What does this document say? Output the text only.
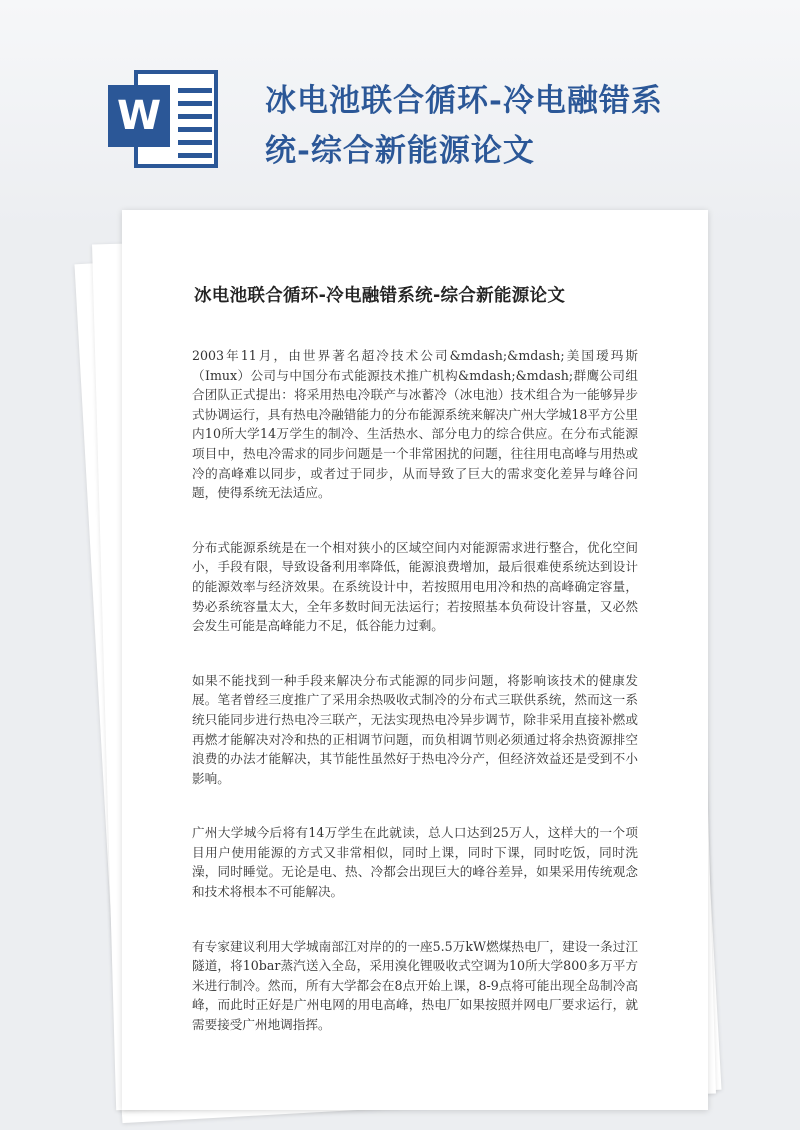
W	冰电池联合循环-冷电融错系统-综合新能源论文
冰电池联合循环-冷电融错系统-综合新能源论文

2003年11月，由世界著名超冷技术公司&mdash;&mdash;美国瑷玛斯（Imux）公司与中国分布式能源技术推广机构&mdash;&mdash;群鹰公司组合团队正式提出：将采用热电冷联产与冰蓄冷（冰电池）技术组合为一能够异步式协调运行，具有热电冷融错能力的分布能源系统来解决广州大学城18平方公里内10所大学14万学生的制冷、生活热水、部分电力的综合供应。在分布式能源项目中，热电冷需求的同步问题是一个非常困扰的问题，往往用电高峰与用热或冷的高峰难以同步，或者过于同步，从而导致了巨大的需求变化差异与峰谷问题，使得系统无法适应。

分布式能源系统是在一个相对狭小的区域空间内对能源需求进行整合，优化空间小，手段有限，导致设备利用率降低，能源浪费增加，最后很难使系统达到设计的能源效率与经济效果。在系统设计中，若按照用电用冷和热的高峰确定容量，势必系统容量太大，全年多数时间无法运行；若按照基本负荷设计容量，又必然会发生可能是高峰能力不足，低谷能力过剩。

如果不能找到一种手段来解决分布式能源的同步问题，将影响该技术的健康发展。笔者曾经三度推广了采用余热吸收式制冷的分布式三联供系统，然而这一系统只能同步进行热电冷三联产，无法实现热电冷异步调节，除非采用直接补燃或再燃才能解决对冷和热的正相调节问题，而负相调节则必须通过将余热资源排空浪费的办法才能解决，其节能性虽然好于热电冷分产，但经济效益还是受到不小影响。

广州大学城今后将有14万学生在此就读，总人口达到25万人，这样大的一个项目用户使用能源的方式又非常相似，同时上课，同时下课，同时吃饭，同时洗澡，同时睡觉。无论是电、热、冷都会出现巨大的峰谷差异，如果采用传统观念和技术将根本不可能解决。

有专家建议利用大学城南部江对岸的的一座5.5万kW燃煤热电厂，建设一条过江隧道，将10bar蒸汽送入全岛，采用溴化锂吸收式空调为10所大学800多万平方米进行制冷。然而，所有大学都会在8点开始上课，8-9点将可能出现全岛制冷高峰，而此时正好是广州电网的用电高峰，热电厂如果按照并网电厂要求运行，就需要接受广州地调指挥。
